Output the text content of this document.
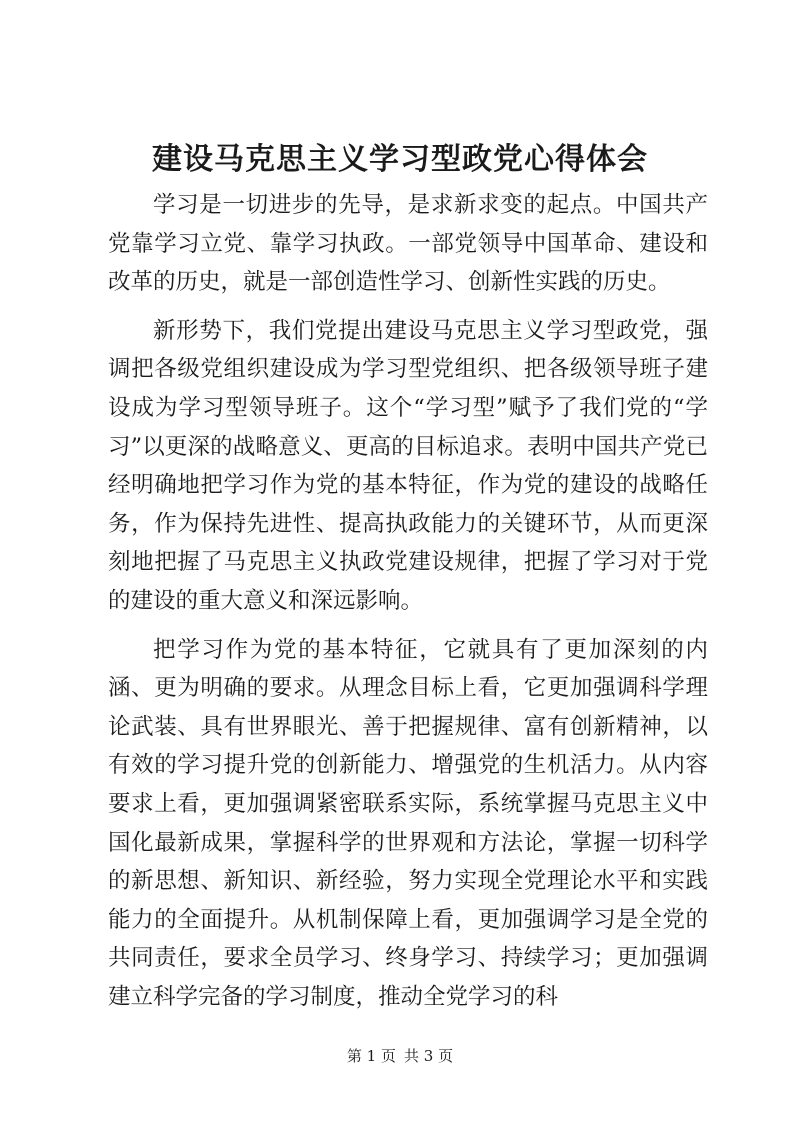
建设马克思主义学习型政党心得体会

学习是一切进步的先导，是求新求变的起点。中国共产党靠学习立党、靠学习执政。一部党领导中国革命、建设和改革的历史，就是一部创造性学习、创新性实践的历史。

新形势下，我们党提出建设马克思主义学习型政党，强调把各级党组织建设成为学习型党组织、把各级领导班子建设成为学习型领导班子。这个“学习型”赋予了我们党的“学习”以更深的战略意义、更高的目标追求。表明中国共产党已经明确地把学习作为党的基本特征，作为党的建设的战略任务，作为保持先进性、提高执政能力的关键环节，从而更深刻地把握了马克思主义执政党建设规律，把握了学习对于党的建设的重大意义和深远影响。

把学习作为党的基本特征，它就具有了更加深刻的内涵、更为明确的要求。从理念目标上看，它更加强调科学理论武装、具有世界眼光、善于把握规律、富有创新精神，以有效的学习提升党的创新能力、增强党的生机活力。从内容要求上看，更加强调紧密联系实际，系统掌握马克思主义中国化最新成果，掌握科学的世界观和方法论，掌握一切科学的新思想、新知识、新经验，努力实现全党理论水平和实践能力的全面提升。从机制保障上看，更加强调学习是全党的共同责任，要求全员学习、终身学习、持续学习；更加强调建立科学完备的学习制度，推动全党学习的科

第 1 页 共 3 页
